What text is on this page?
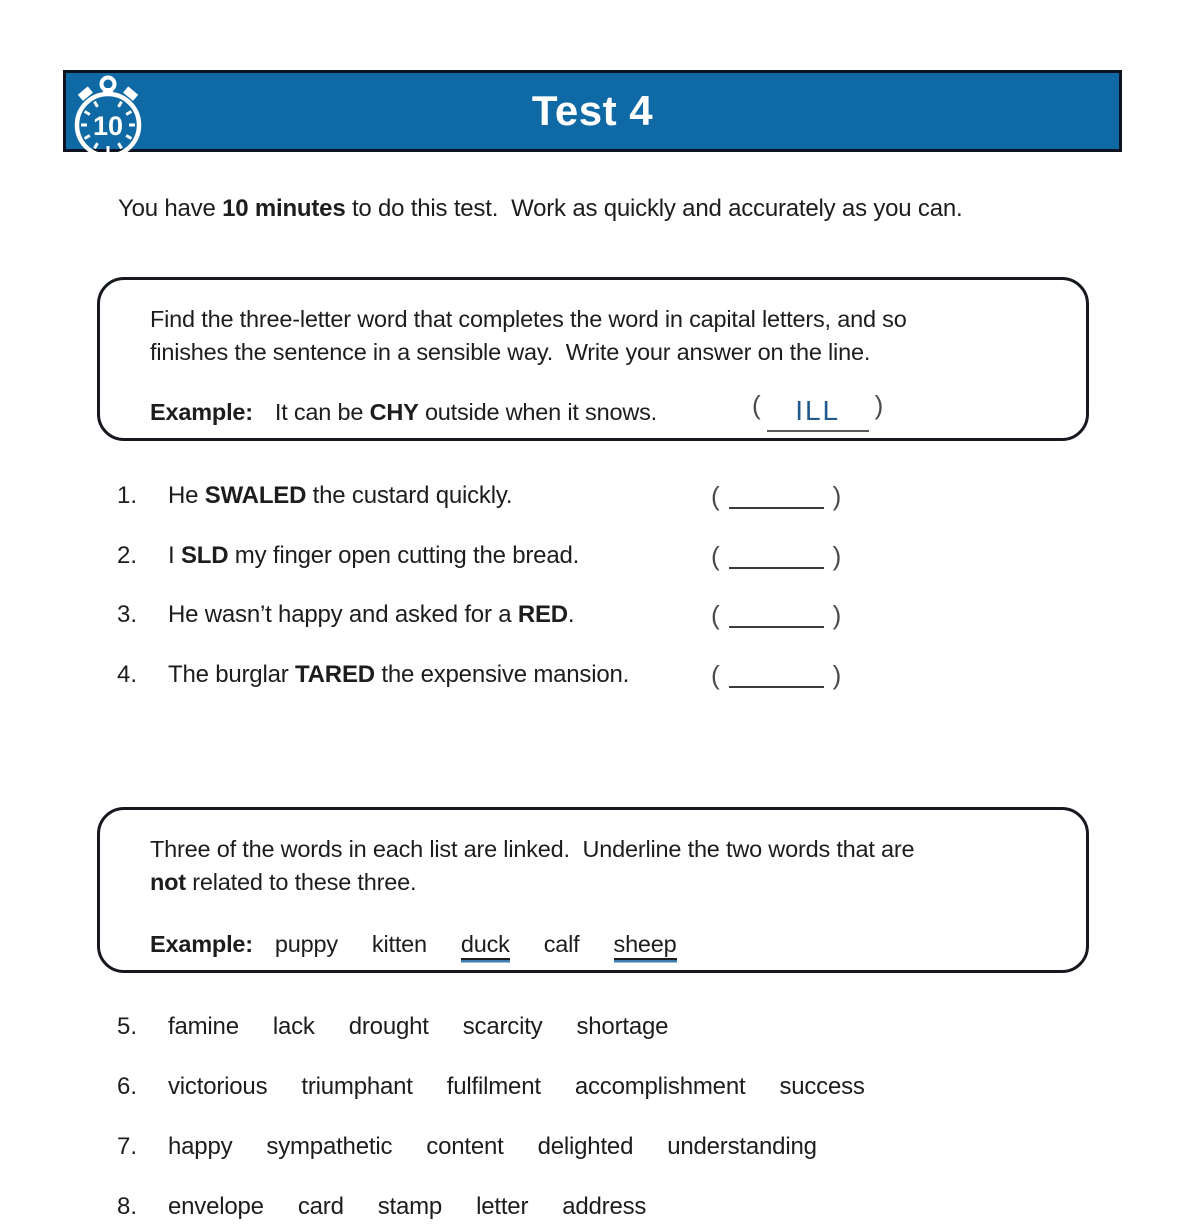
10	Test 4
You have 10 minutes to do this test.  Work as quickly and accurately as you can.
Find the three-letter word that completes the word in capital letters, and so
finishes the sentence in a sensible way.  Write your answer on the line.
Example: It can be CHY outside when it snows.	( ILL )
1. He SWALED the custard quickly.	(	)
2. I SLD my finger open cutting the bread.	(	)
3. He wasn’t happy and asked for a RED.	(	)
4. The burglar TARED the expensive mansion.	(	)
Three of the words in each list are linked.  Underline the two words that are
not related to these three.
Example: puppy kitten duck calf sheep
5. famine lack drought scarcity shortage
6. victorious triumphant fulfilment accomplishment success
7. happy sympathetic content delighted understanding
8. envelope card stamp letter address
